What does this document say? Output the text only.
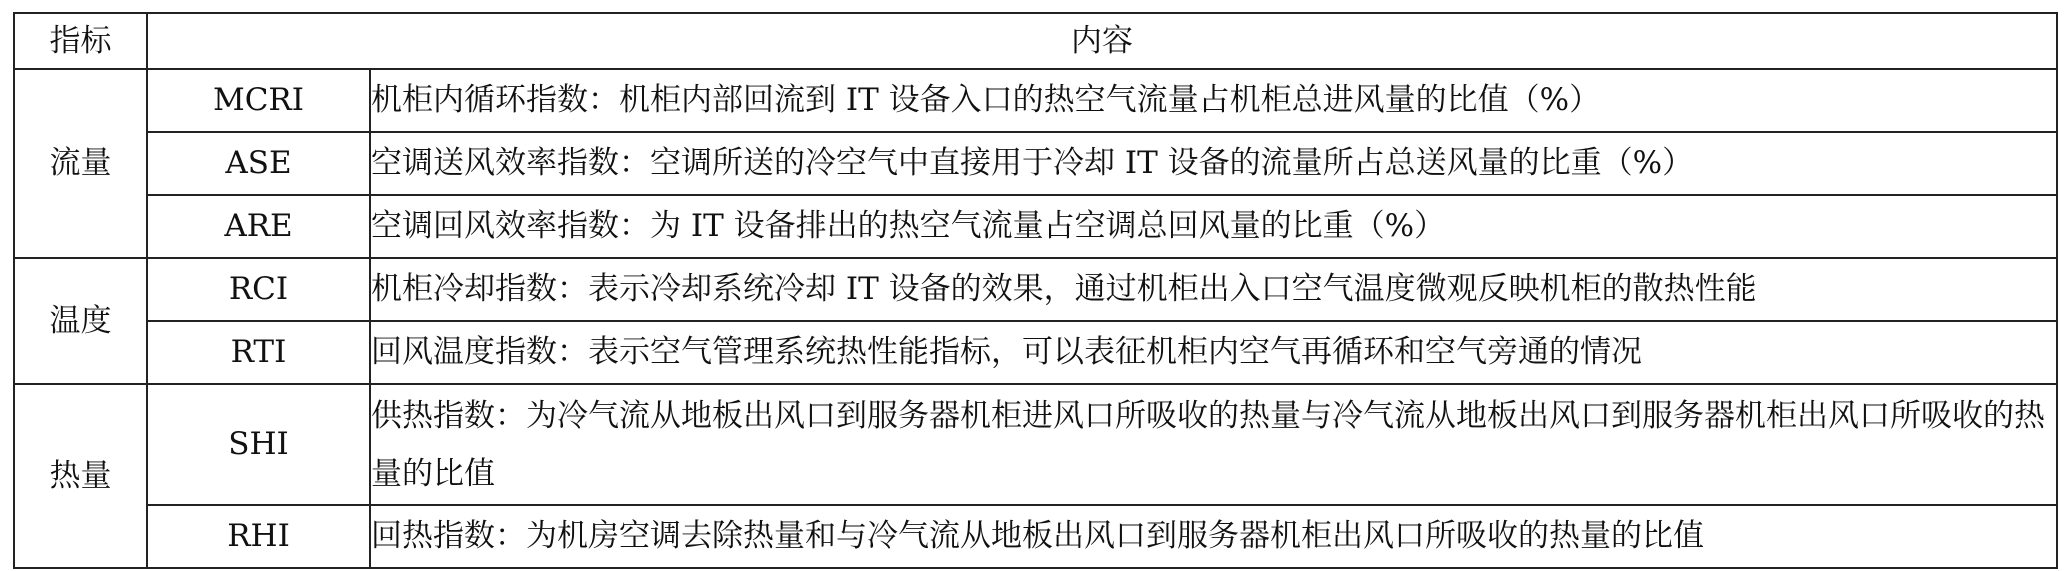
指标	内容	
流量	MCRI	机柜内循环指数：机柜内部回流到 IT 设备入口的热空气流量占机柜总进风量的比值（%）
	ASE	空调送风效率指数：空调所送的冷空气中直接用于冷却 IT 设备的流量所占总送风量的比重（%）
	ARE	空调回风效率指数：为 IT 设备排出的热空气流量占空调总回风量的比重（%）
温度	RCI	机柜冷却指数：表示冷却系统冷却 IT 设备的效果，通过机柜出入口空气温度微观反映机柜的散热性能
	RTI	回风温度指数：表示空气管理系统热性能指标，可以表征机柜内空气再循环和空气旁通的情况
热量	SHI	供热指数：为冷气流从地板出风口到服务器机柜进风口所吸收的热量与冷气流从地板出风口到服务器机柜出风口所吸收的热量的比值
	RHI	回热指数：为机房空调去除热量和与冷气流从地板出风口到服务器机柜出风口所吸收的热量的比值
